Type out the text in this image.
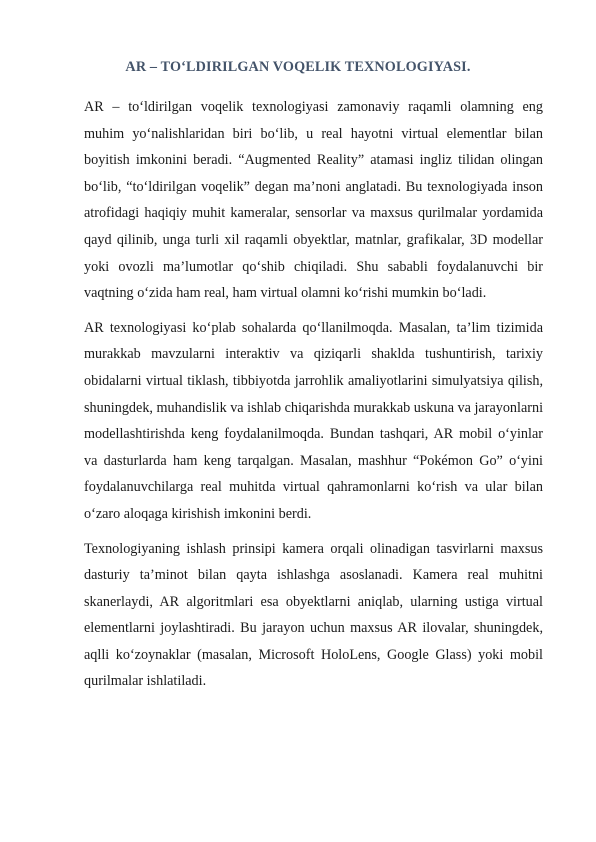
AR – TO‘LDIRILGAN VOQELIK TEXNOLOGIYASI.

AR – to‘ldirilgan voqelik texnologiyasi zamonaviy raqamli olamning eng muhim yo‘nalishlaridan biri bo‘lib, u real hayotni virtual elementlar bilan boyitish imkonini beradi. “Augmented Reality” atamasi ingliz tilidan olingan bo‘lib, “to‘ldirilgan voqelik” degan ma’noni anglatadi. Bu texnologiyada inson atrofidagi haqiqiy muhit kameralar, sensorlar va maxsus qurilmalar yordamida qayd qilinib, unga turli xil raqamli obyektlar, matnlar, grafikalar, 3D modellar yoki ovozli ma’lumotlar qo‘shib chiqiladi. Shu sababli foydalanuvchi bir vaqtning o‘zida ham real, ham virtual olamni ko‘rishi mumkin bo‘ladi.

AR texnologiyasi ko‘plab sohalarda qo‘llanilmoqda. Masalan, ta’lim tizimida murakkab mavzularni interaktiv va qiziqarli shaklda tushuntirish, tarixiy obidalarni virtual tiklash, tibbiyotda jarrohlik amaliyotlarini simulyatsiya qilish, shuningdek, muhandislik va ishlab chiqarishda murakkab uskuna va jarayonlarni modellashtirishda keng foydalanilmoqda. Bundan tashqari, AR mobil o‘yinlar va dasturlarda ham keng tarqalgan. Masalan, mashhur “Pokémon Go” o‘yini foydalanuvchilarga real muhitda virtual qahramonlarni ko‘rish va ular bilan o‘zaro aloqaga kirishish imkonini berdi.

Texnologiyaning ishlash prinsipi kamera orqali olinadigan tasvirlarni maxsus dasturiy ta’minot bilan qayta ishlashga asoslanadi. Kamera real muhitni skanerlaydi, AR algoritmlari esa obyektlarni aniqlab, ularning ustiga virtual elementlarni joylashtiradi. Bu jarayon uchun maxsus AR ilovalar, shuningdek, aqlli ko‘zoynaklar (masalan, Microsoft HoloLens, Google Glass) yoki mobil qurilmalar ishlatiladi.
